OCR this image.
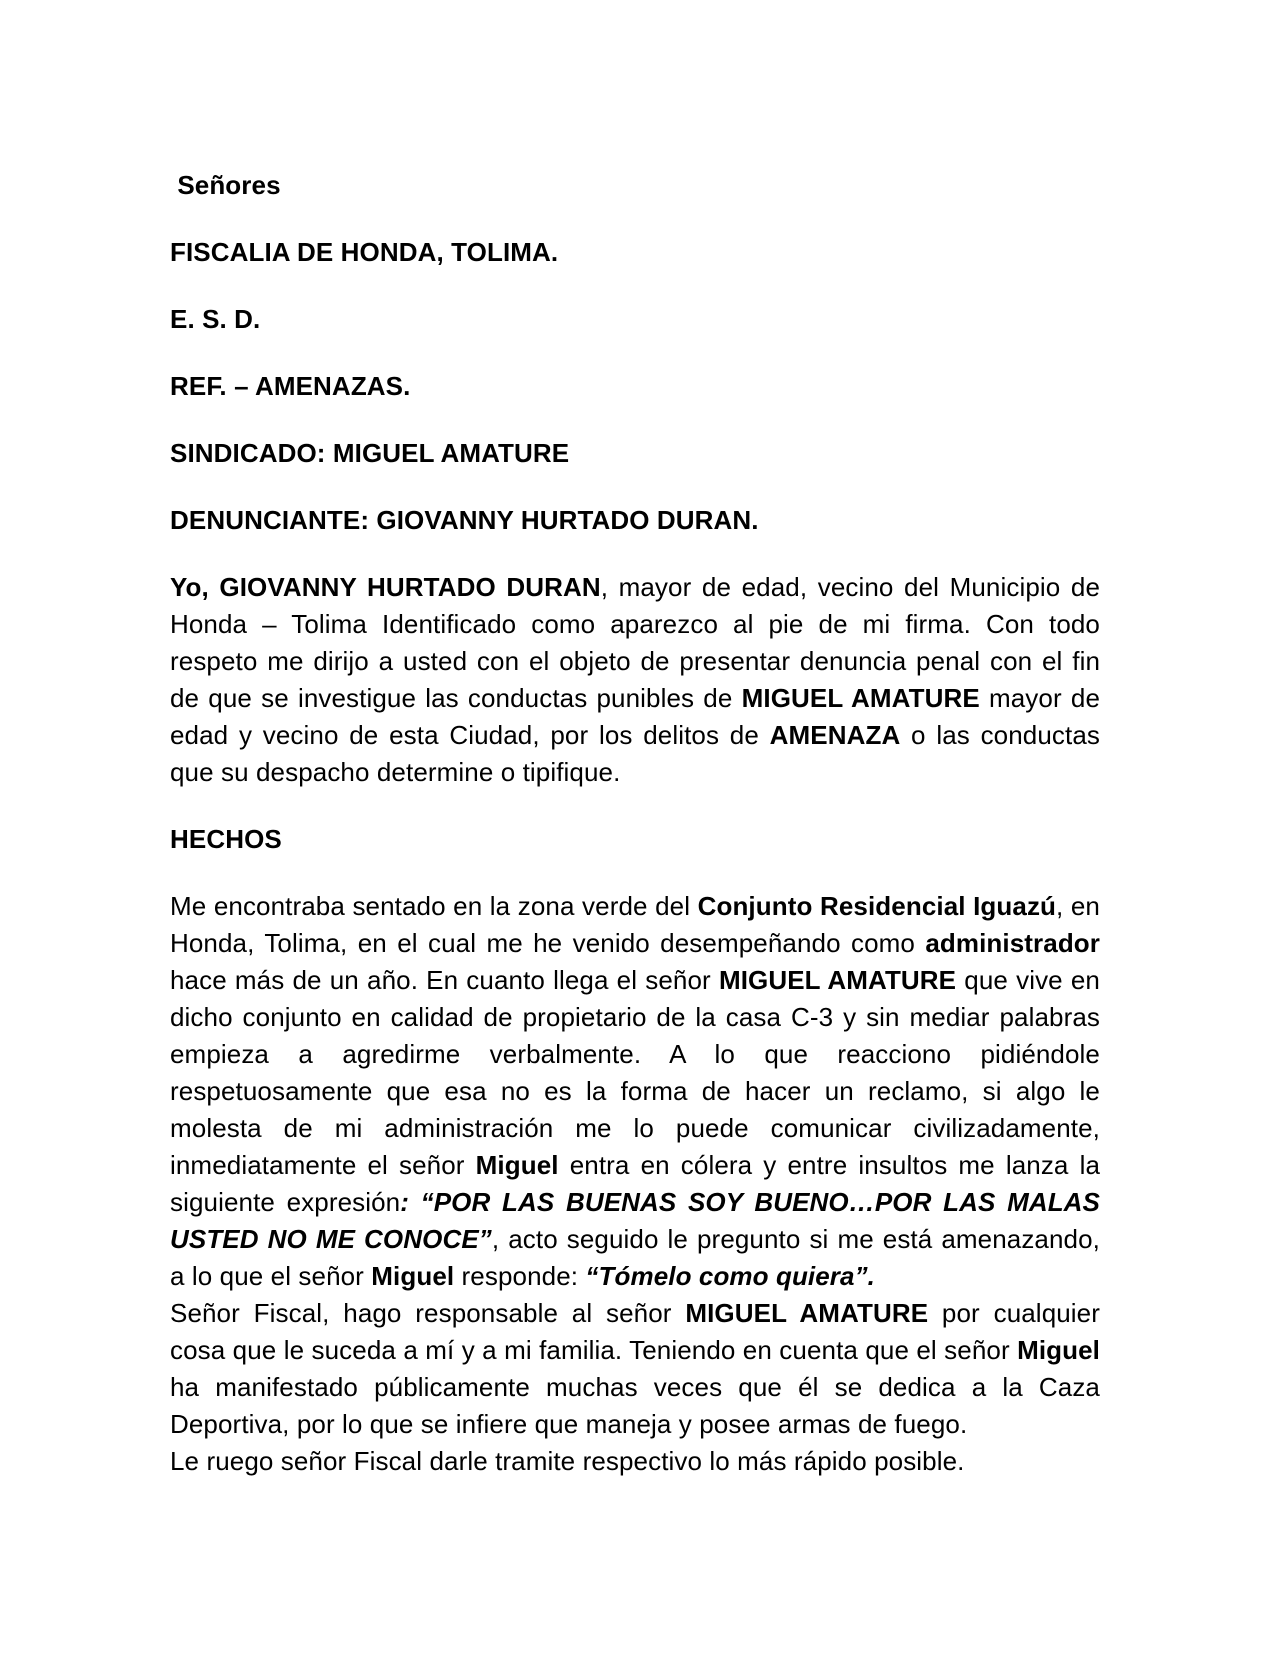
Señores
FISCALIA DE HONDA, TOLIMA.
E. S. D.
REF. – AMENAZAS.
SINDICADO: MIGUEL AMATURE
DENUNCIANTE: GIOVANNY HURTADO DURAN.
Yo, GIOVANNY HURTADO DURAN, mayor de edad, vecino del Municipio de Honda – Tolima Identificado como aparezco al pie de mi firma. Con todo respeto me dirijo a usted con el objeto de presentar denuncia penal con el fin de que se investigue las conductas punibles de MIGUEL AMATURE mayor de edad y vecino de esta Ciudad, por los delitos de AMENAZA o las conductas que su despacho determine o tipifique.
HECHOS
Me encontraba sentado en la zona verde del Conjunto Residencial Iguazú, en Honda, Tolima, en el cual me he venido desempeñando como administrador hace más de un año. En cuanto llega el señor MIGUEL AMATURE que vive en dicho conjunto en calidad de propietario de la casa C-3 y sin mediar palabras empieza a agredirme verbalmente. A lo que reacciono pidiéndole respetuosamente que esa no es la forma de hacer un reclamo, si algo le molesta de mi administración me lo puede comunicar civilizadamente, inmediatamente el señor Miguel entra en cólera y entre insultos me lanza la siguiente expresión: “POR LAS BUENAS SOY BUENO…POR LAS MALAS USTED NO ME CONOCE”, acto seguido le pregunto si me está amenazando, a lo que el señor Miguel responde: “Tómelo como quiera”.
Señor Fiscal, hago responsable al señor MIGUEL AMATURE por cualquier cosa que le suceda a mí y a mi familia. Teniendo en cuenta que el señor Miguel ha manifestado públicamente muchas veces que él se dedica a la Caza Deportiva, por lo que se infiere que maneja y posee armas de fuego.
Le ruego señor Fiscal darle tramite respectivo lo más rápido posible.
